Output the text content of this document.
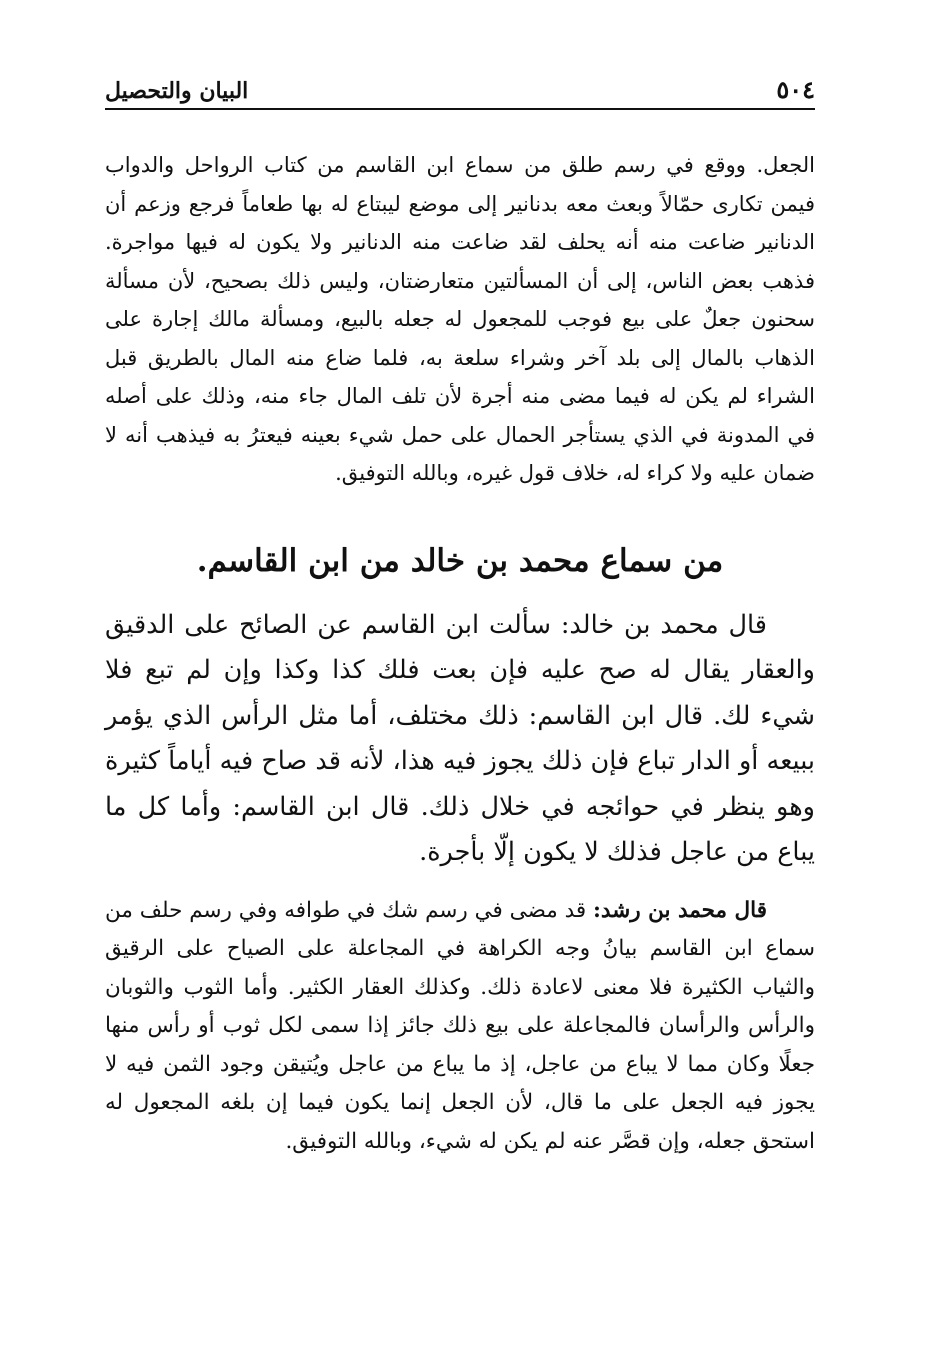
٥٠٤
البيان والتحصيل

الجعل. ووقع في رسم طلق من سماع ابن القاسم من كتاب الرواحل والدواب فيمن تكارى حمّالاً وبعث معه بدنانير إلى موضع ليبتاع له بها طعاماً فرجع وزعم أن الدنانير ضاعت منه أنه يحلف لقد ضاعت منه الدنانير ولا يكون له فيها مواجرة. فذهب بعض الناس، إلى أن المسألتين متعارضتان، وليس ذلك بصحيح، لأن مسألة سحنون جعلٌ على بيع فوجب للمجعول له جعله بالبيع، ومسألة مالك إجارة على الذهاب بالمال إلى بلد آخر وشراء سلعة به، فلما ضاع منه المال بالطريق قبل الشراء لم يكن له فيما مضى منه أجرة لأن تلف المال جاء منه، وذلك على أصله في المدونة في الذي يستأجر الحمال على حمل شيء بعينه فيعترُ به فيذهب أنه لا ضمان عليه ولا كراء له، خلاف قول غيره، وبالله التوفيق.

من سماع محمد بن خالد من ابن القاسم.

قال محمد بن خالد: سألت ابن القاسم عن الصائح على الدقيق والعقار يقال له صح عليه فإن بعت فلك كذا وكذا وإن لم تبع فلا شيء لك. قال ابن القاسم: ذلك مختلف، أما مثل الرأس الذي يؤمر ببيعه أو الدار تباع فإن ذلك يجوز فيه هذا، لأنه قد صاح فيه أياماً كثيرة وهو ينظر في حوائجه في خلال ذلك. قال ابن القاسم: وأما كل ما يباع من عاجل فذلك لا يكون إلّا بأجرة.

قال محمد بن رشد: قد مضى في رسم شك في طوافه وفي رسم حلف من سماع ابن القاسم بيانُ وجه الكراهة في المجاعلة على الصياح على الرقيق والثياب الكثيرة فلا معنى لاعادة ذلك. وكذلك العقار الكثير. وأما الثوب والثوبان والرأس والرأسان فالمجاعلة على بيع ذلك جائز إذا سمى لكل ثوب أو رأس منها جعلًا وكان مما لا يباع من عاجل، إذ ما يباع من عاجل ويُتيقن وجود الثمن فيه لا يجوز فيه الجعل على ما قال، لأن الجعل إنما يكون فيما إن بلغه المجعول له استحق جعله، وإن قصَّر عنه لم يكن له شيء، وبالله التوفيق.
